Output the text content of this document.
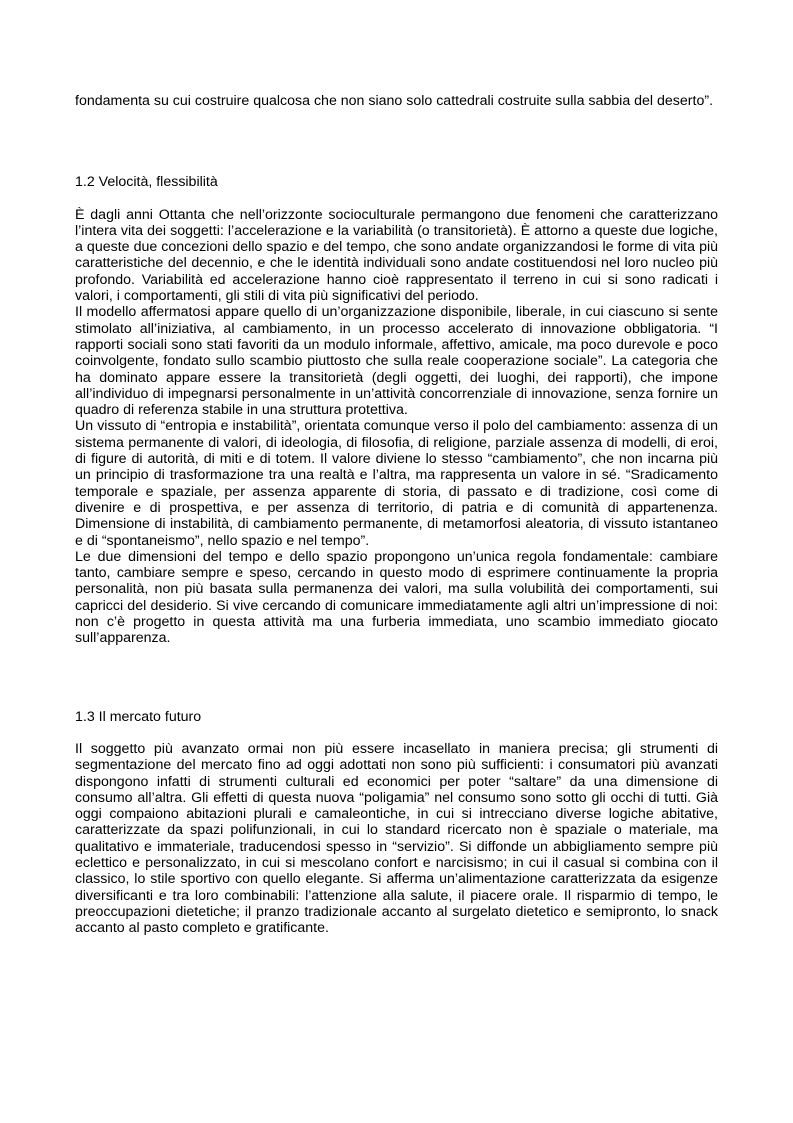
fondamenta su cui costruire qualcosa che non siano solo cattedrali costruite sulla sabbia del deserto”.

1.2 Velocità, flessibilità

È dagli anni Ottanta che nell’orizzonte socioculturale permangono due fenomeni che caratterizzano l’intera vita dei soggetti: l’accelerazione e la variabilità (o transitorietà). È attorno a queste due logiche, a queste due concezioni dello spazio e del tempo, che sono andate organizzandosi le forme di vita più caratteristiche del decennio, e che le identità individuali sono andate costituendosi nel loro nucleo più profondo. Variabilità ed accelerazione hanno cioè rappresentato il terreno in cui si sono radicati i valori, i comportamenti, gli stili di vita più significativi del periodo.

Il modello affermatosi appare quello di un’organizzazione disponibile, liberale, in cui ciascuno si sente stimolato all’iniziativa, al cambiamento, in un processo accelerato di innovazione obbligatoria. “I rapporti sociali sono stati favoriti da un modulo informale, affettivo, amicale, ma poco durevole e poco coinvolgente, fondato sullo scambio piuttosto che sulla reale cooperazione sociale”. La categoria che ha dominato appare essere la transitorietà (degli oggetti, dei luoghi, dei rapporti), che impone all’individuo di impegnarsi personalmente in un’attività concorrenziale di innovazione, senza fornire un quadro di referenza stabile in una struttura protettiva.

Un vissuto di “entropia e instabilità”, orientata comunque verso il polo del cambiamento: assenza di un sistema permanente di valori, di ideologia, di filosofia, di religione, parziale assenza di modelli, di eroi, di figure di autorità, di miti e di totem. Il valore diviene lo stesso “cambiamento”, che non incarna più un principio di trasformazione tra una realtà e l’altra, ma rappresenta un valore in sé. “Sradicamento temporale e spaziale, per assenza apparente di storia, di passato e di tradizione, così come di divenire e di prospettiva, e per assenza di territorio, di patria e di comunità di appartenenza. Dimensione di instabilità, di cambiamento permanente, di metamorfosi aleatoria, di vissuto istantaneo e di “spontaneismo”, nello spazio e nel tempo”.

Le due dimensioni del tempo e dello spazio propongono un’unica regola fondamentale: cambiare tanto, cambiare sempre e speso, cercando in questo modo di esprimere continuamente la propria personalità, non più basata sulla permanenza dei valori, ma sulla volubilità dei comportamenti, sui capricci del desiderio. Si vive cercando di comunicare immediatamente agli altri un’impressione di noi: non c’è progetto in questa attività ma una furberia immediata, uno scambio immediato giocato sull’apparenza.

1.3 Il mercato futuro

Il soggetto più avanzato ormai non più essere incasellato in maniera precisa; gli strumenti di segmentazione del mercato fino ad oggi adottati non sono più sufficienti: i consumatori più avanzati dispongono infatti di strumenti culturali ed economici per poter “saltare” da una dimensione di consumo all’altra. Gli effetti di questa nuova “poligamia” nel consumo sono sotto gli occhi di tutti. Già oggi compaiono abitazioni plurali e camaleontiche, in cui si intrecciano diverse logiche abitative, caratterizzate da spazi polifunzionali, in cui lo standard ricercato non è spaziale o materiale, ma qualitativo e immateriale, traducendosi spesso in “servizio”. Si diffonde un abbigliamento sempre più eclettico e personalizzato, in cui si mescolano confort e narcisismo; in cui il casual si combina con il classico, lo stile sportivo con quello elegante. Si afferma un’alimentazione caratterizzata da esigenze diversificanti e tra loro combinabili: l’attenzione alla salute, il piacere orale. Il risparmio di tempo, le preoccupazioni dietetiche; il pranzo tradizionale accanto al surgelato dietetico e semipronto, lo snack accanto al pasto completo e gratificante.
